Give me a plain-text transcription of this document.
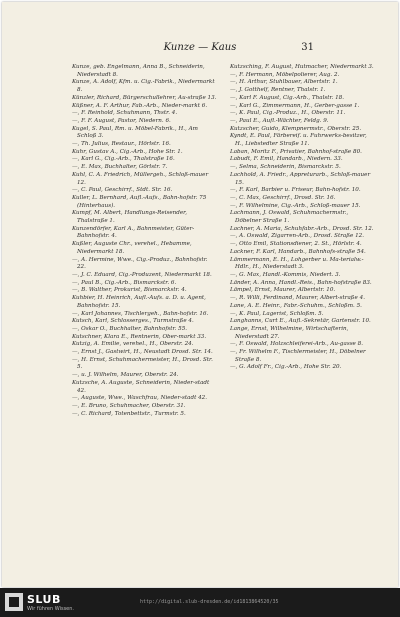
Kunze — Kaus	31

Kunze, geb. Engelmann, Anna B., Schneiderin, Niederstadt 8.

Kunze, A. Adolf, Kfm. u. Cig.-Fabrik., Niedermarkt 8.

Künzler, Richard, Bürgerschullehrer, Au-straße 13.

Küßner, A. F. Arthur, Fab.-Arb., Nieder-markt 6.

—, F. Reinhold, Schuhmann, Thstr. 4.

—, F. F. August, Pastor, Niedern. 6.

Kugel, S. Paul, Rm. u. Möbel-Fabrik., H., Am Schloß 3.

—, Th. Julius, Restaur., Hörlstr. 16.

Kuhr, Gustav A., Cig.-Arb., Hohe Str. 1.

—, Karl G., Cig.-Arb., Thalstraße 16.

—, E. Max, Buchhalter, Görlstr. 7.

Kuhl, C. A. Friedrich, Müllergeh., Schloß-mauer 12.

—, C. Paul, Geschirrf., Stdt. Str. 16.

Kuller, L. Bernhard, Aufl.-Aufs., Bahn-hofstr. 75 (Hinterhaus).

Kumpf, M. Albert, Handlungs-Reisender, Thalstraße 1.

Kunzendörfer, Karl A., Bahnmeister, Güter-Bahnhofstr. 4.

Kußler, Auguste Chr., verehel., Hebamme, Niedermarkt 18.

—, A. Hermine, Wwe., Cig.-Produz., Bahnhofstr. 22.

—, J. C. Eduard, Cig.-Produzent, Niedermarkt 18.

—, Paul B., Cig.-Arb., Bismarckstr. 6.

—, B. Walther, Prokurist, Bismarckstr. 4.

Kuhbier, H. Heinrich, Aufl.-Aufs. a. D. u. Agent, Bahnhofstr. 15.

—, Karl Johannes, Tischlergeh., Bahn-hofstr. 16.

Kutsch, Karl, Schlosserges., Turmstraße 4.

—, Oskar O., Buchhalter, Bahnhofstr. 55.

Kutschner, Klara E., Rentnerin, Ober-markt 33.

Kutzig, A. Emilie, verehel., H., Oberstr. 24.

—, Ernst J., Gastwirt, H., Neustadt Drosd. Str. 14.

—, H. Ernst, Schuhmachermeister, H., Drosd. Str. 5.

—, u. J. Wilhelm, Maurer, Oberstr. 24.

Kutzsche, A. Auguste, Schneiderin, Nieder-stadt 42.

—, Auguste, Wwe., Waschfrau, Nieder-stadt 42.

—, E. Bruno, Schuhmacher, Oberstr. 31.

—, C. Richard, Totenbettstr., Turmstr. 5.

Kutzsching, F. August, Hutmacher, Niedermarkt 3.

—, F. Hermann, Möbelpolierer, Aug. 2.

—, H. Arthur, Stuhlbauer, Albertstr. 1.

—, J. Gotthelf, Rentner, Thalstr. 1.

—, Karl F. August, Cig.-Arb., Thalstr. 18.

—, Karl G., Zimmermann, H., Gerber-gasse 1.

—, K. Paul, Cig.-Produz., H., Oberstr. 11.

—, Paul E., Aufl.-Wächter, Feldg. 9.

Kutzscher, Guido, Klempnermstr., Oberstr. 25.

Kyndt, E. Paul, Färbereif. u. Fuhrwerks-besitzer, H., Liebstedter Straße 11.

Laban, Moritz F., Privatier, Bahnhof-straße 80.

Labudt, F. Emil, Handarb., Niedern. 33.

—, Selma, Schneiderin, Bismarckstr. 5.

Lachhold, A. Friedr., Appreturarb., Schloß-mauer 15.

—, F. Karl, Barbier u. Friseur, Bahn-hofstr. 10.

—, C. Max, Geschirrf., Drosd. Str. 16.

—, F. Wilhelmine, Cig.-Arb., Schloß-mauer 15.

Lachmann, J. Oswald, Schuhmachermstr., Döbelner Straße 1.

Lachner, A. Maria, Schuhfabr.-Arb., Drosd. Str. 12.

—, A. Oswald, Zigarren-Arb., Drosd. Straße 12.

—, Otto Emil, Stationsdiener, 2. St., Hörlstr. 4.

Lackner, F. Karl, Handarb., Bahnhofs-straße 54.

Lämmermann, E. H., Lohgerber u. Ma-terialw.-Hdlr., H., Niederstadt 3.

—, G. Max, Handl.-Kommis, Niedert. 3.

Länder, A. Anna, Handl.-Reis., Bahn-hofstraße 83.

Lämpel, Ernst, Maurer, Albertstr. 10.

—, R. Willi, Ferdinand, Maurer, Albert-straße 4.

Lane, A. E. Heinr., Fabr.-Schuhm., Schloßm. 5.

—, K. Paul, Lagerist, Schloßm. 5.

Langhanns, Curt E., Aufl.-Sekretär, Gartenstr. 10.

Lange, Ernst, Wilhelmine, Wirtschafterin, Niederstadt 27.

—, F. Oswald, Holzschleiferei-Arb., Au-gasse 8.

—, Fr. Wilhelm F., Tischlermeister, H., Döbelner Straße 8.

—, G. Adolf Fr., Cig.-Arb., Hohe Str. 20.

SLUB
Wir führen Wissen.
http://digital.slub-dresden.de/id1813864520/35
